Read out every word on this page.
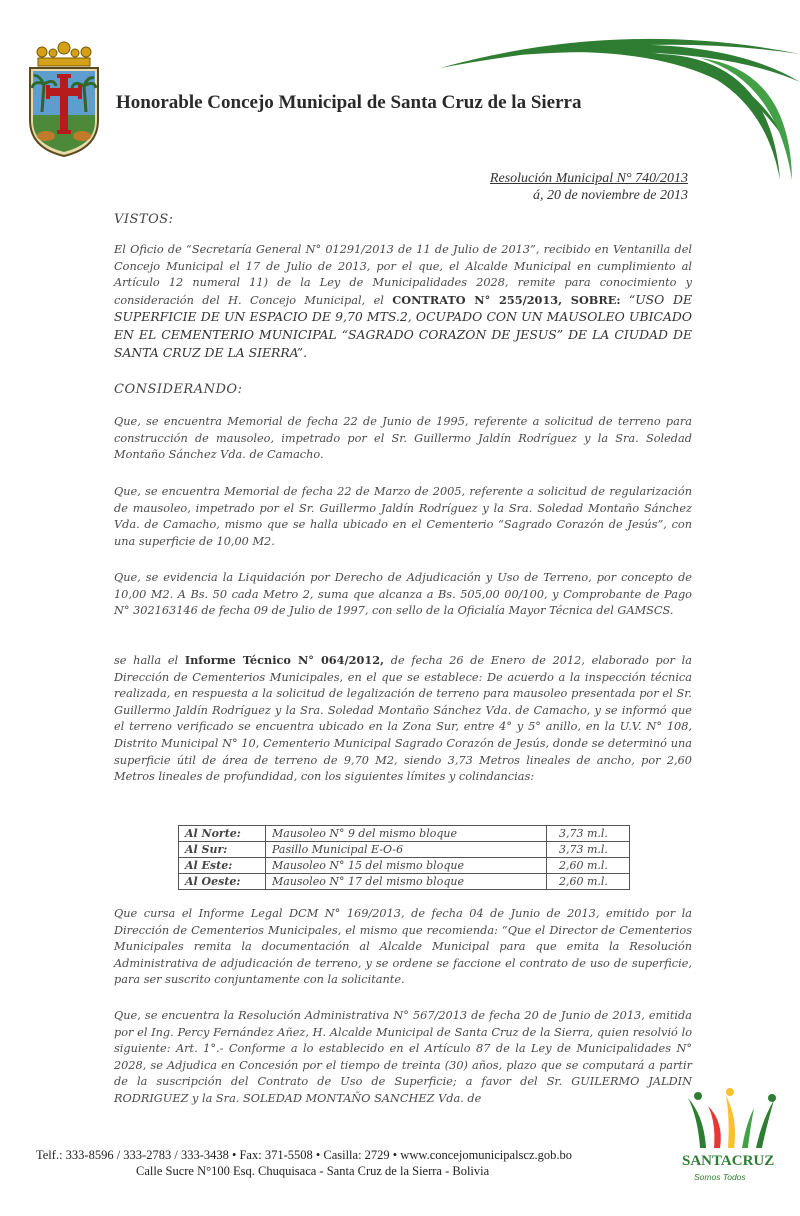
Honorable Concejo Municipal de Santa Cruz de la Sierra
Resolución Municipal N° 740/2013
á, 20 de noviembre de 2013
VISTOS:
El Oficio de “Secretaría General N° 01291/2013 de 11 de Julio de 2013”, recibido en Ventanilla del Concejo Municipal el 17 de Julio de 2013, por el que, el Alcalde Municipal en cumplimiento al Artículo 12 numeral 11) de la Ley de Municipalidades 2028, remite para conocimiento y consideración del H. Concejo Municipal, el CONTRATO N° 255/2013, SOBRE: “USO DE SUPERFICIE DE UN ESPACIO DE 9,70 MTS.2, OCUPADO CON UN MAUSOLEO UBICADO EN EL CEMENTERIO MUNICIPAL “SAGRADO CORAZON DE JESUS” DE LA CIUDAD DE SANTA CRUZ DE LA SIERRA”.
CONSIDERANDO:
Que, se encuentra Memorial de fecha 22 de Junio de 1995, referente a solicitud de terreno para construcción de mausoleo, impetrado por el Sr. Guillermo Jaldín Rodríguez y la Sra. Soledad Montaño Sánchez Vda. de Camacho.
Que, se encuentra Memorial de fecha 22 de Marzo de 2005, referente a solicitud de regularización de mausoleo, impetrado por el Sr. Guillermo Jaldín Rodríguez y la Sra. Soledad Montaño Sánchez Vda. de Camacho, mismo que se halla ubicado en el Cementerio “Sagrado Corazón de Jesús”, con una superficie de 10,00 M2.
Que, se evidencia la Liquidación por Derecho de Adjudicación y Uso de Terreno, por concepto de 10,00 M2. A Bs. 50 cada Metro 2, suma que alcanza a Bs. 505,00 00/100, y Comprobante de Pago N° 302163146 de fecha 09 de Julio de 1997, con sello de la Oficialía Mayor Técnica del GAMSCS.
se halla el Informe Técnico N° 064/2012, de fecha 26 de Enero de 2012, elaborado por la Dirección de Cementerios Municipales, en el que se establece: De acuerdo a la inspección técnica realizada, en respuesta a la solicitud de legalización de terreno para mausoleo presentada por el Sr. Guillermo Jaldín Rodríguez y la Sra. Soledad Montaño Sánchez Vda. de Camacho, y se informó que el terreno verificado se encuentra ubicado en la Zona Sur, entre 4° y 5° anillo, en la U.V. N° 108, Distrito Municipal N° 10, Cementerio Municipal Sagrado Corazón de Jesús, donde se determinó una superficie útil de área de terreno de 9,70 M2, siendo 3,73 Metros lineales de ancho, por 2,60 Metros lineales de profundidad, con los siguientes límites y colindancias:
Al Norte:	Mausoleo N° 9 del mismo bloque	3,73 m.l.
Al Sur:	Pasillo Municipal E-O-6	3,73 m.l.
Al Este:	Mausoleo N° 15 del mismo bloque	2,60 m.l.
Al Oeste:	Mausoleo N° 17 del mismo bloque	2,60 m.l.
Que cursa el Informe Legal DCM N° 169/2013, de fecha 04 de Junio de 2013, emitido por la Dirección de Cementerios Municipales, el mismo que recomienda: “Que el Director de Cementerios Municipales remita la documentación al Alcalde Municipal para que emita la Resolución Administrativa de adjudicación de terreno, y se ordene se faccione el contrato de uso de superficie, para ser suscrito conjuntamente con la solicitante.
Que, se encuentra la Resolución Administrativa N° 567/2013 de fecha 20 de Junio de 2013, emitida por el Ing. Percy Fernández Añez, H. Alcalde Municipal de Santa Cruz de la Sierra, quien resolvió lo siguiente: Art. 1°.- Conforme a lo establecido en el Artículo 87 de la Ley de Municipalidades N° 2028, se Adjudica en Concesión por el tiempo de treinta (30) años, plazo que se computará a partir de la suscripción del Contrato de Uso de Superficie; a favor del Sr. GUILERMO JALDIN RODRIGUEZ y la Sra. SOLEDAD MONTAÑO SANCHEZ Vda. de
Telf.: 333-8596 / 333-2783 / 333-3438 • Fax: 371-5508 • Casilla: 2729 • www.concejomunicipalscz.gob.bo
Calle Sucre N°100 Esq. Chuquisaca - Santa Cruz de la Sierra - Bolivia
SANTACRUZ
Somos Todos
